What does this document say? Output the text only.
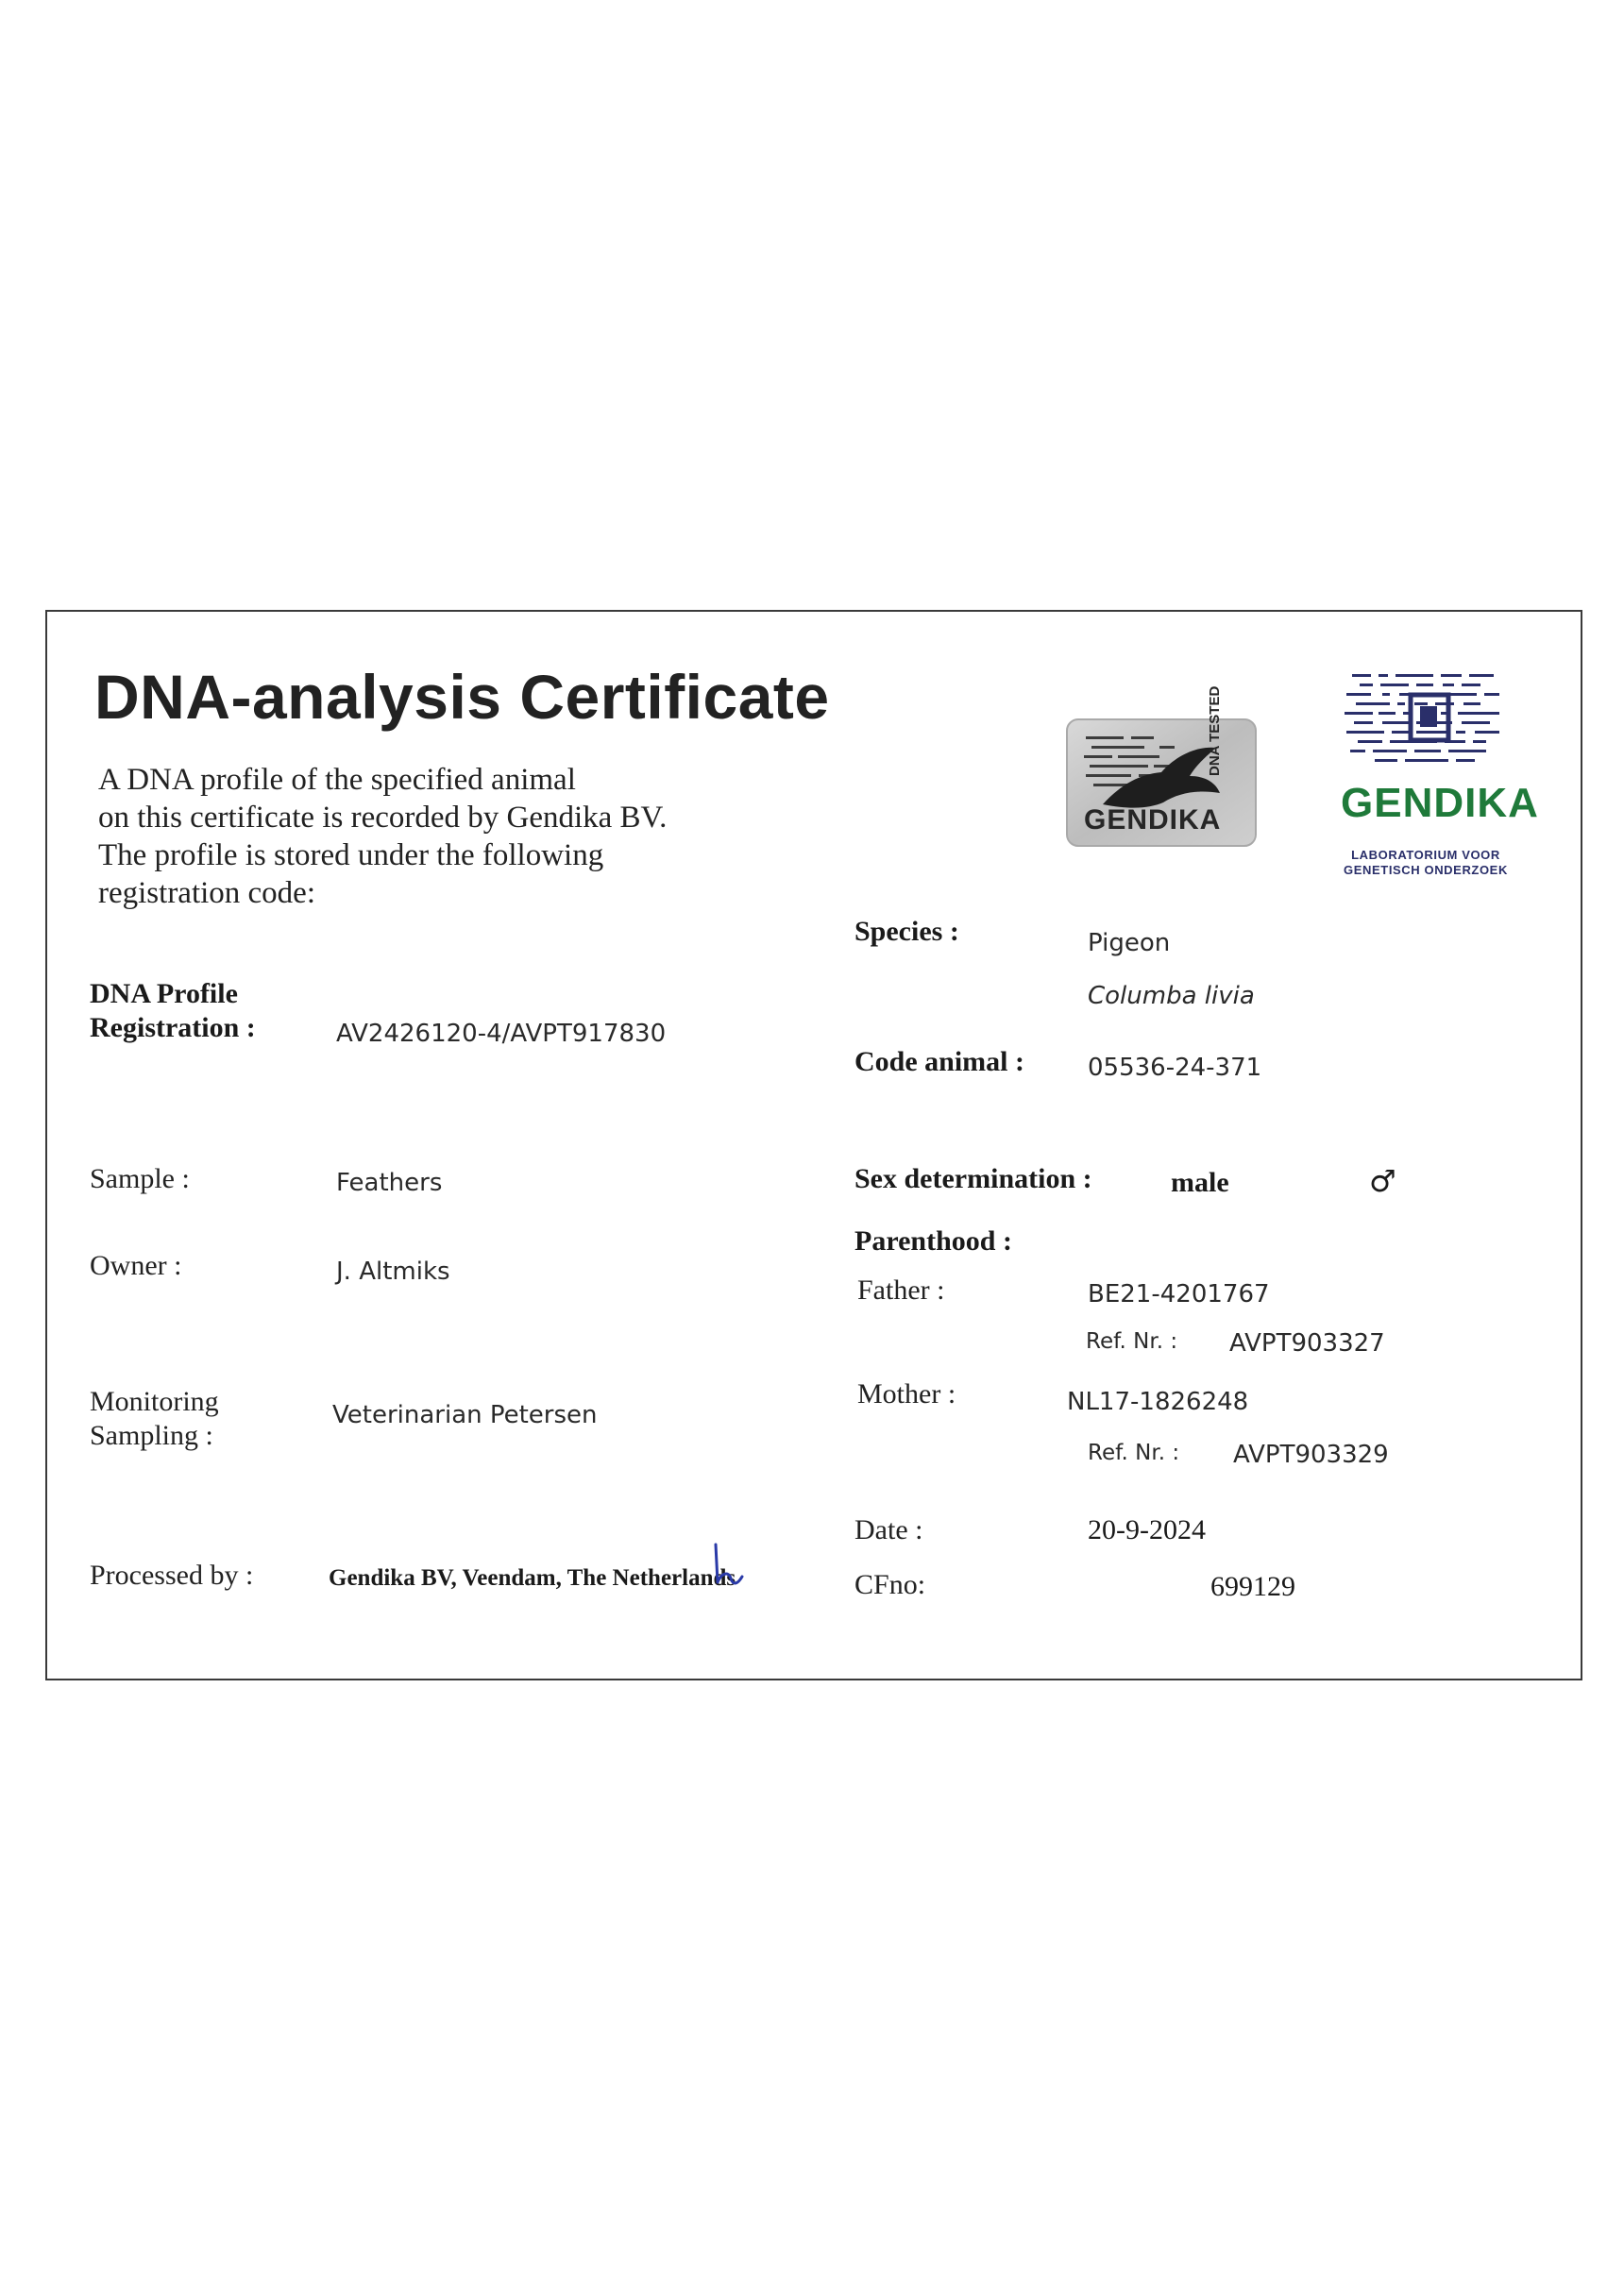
DNA-analysis Certificate
A DNA profile of the specified animal
on this certificate is recorded by Gendika BV.
The profile is stored under the following
registration code:
GENDIKA
DNA TESTED
GENDIKA
LABORATORIUM VOOR
GENETISCH ONDERZOEK
DNA Profile
Registration :	AV2426120-4/AVPT917830
Sample :	Feathers
Owner :	J. Altmiks
Monitoring
Sampling :
Veterinarian Petersen
Processed by :	Gendika BV, Veendam, The Netherlands
Species :	Pigeon
Columba livia
Code animal :	05536-24-371
Sex determination :	male	♂
Parenthood :
Father :	BE21-4201767
Ref. Nr. : AVPT903327
Mother :	NL17-1826248
Ref. Nr. : AVPT903329
Date :	20-9-2024
CFno:	699129
